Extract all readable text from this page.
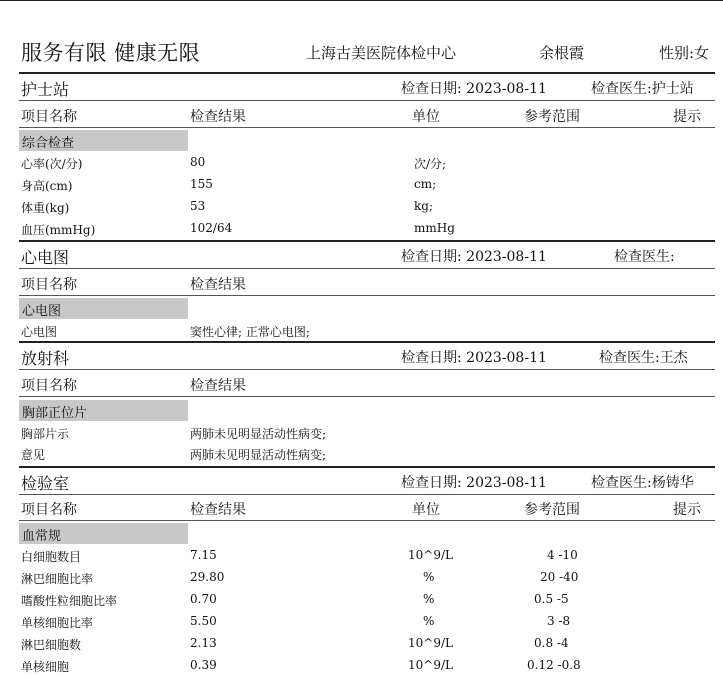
服务有限 健康无限	上海古美医院体检中心	余根霞	性别:女
护士站	检查日期: 2023-08-11	检查医生:护士站
项目名称	检查结果	单位	参考范围	提示
综合检查
心率(次/分)	80	次/分;
身高(cm)	155	cm;
体重(kg)	53	kg;
血压(mmHg)	102/64	mmHg
心电图	检查日期: 2023-08-11	检查医生:
项目名称	检查结果
心电图
心电图	窦性心律; 正常心电图;
放射科	检查日期: 2023-08-11	检查医生:王杰
项目名称	检查结果
胸部正位片
胸部片示	两肺未见明显活动性病变;
意见	两肺未见明显活动性病变;
检验室	检查日期: 2023-08-11	检查医生:杨铸华
项目名称	检查结果	单位	参考范围	提示
血常规
白细胞数目	7.15	10^9/L	4 -10
淋巴细胞比率	29.80	%	20 -40
嗜酸性粒细胞比率	0.70	%	0.5 -5
单核细胞比率	5.50	%	3 -8
淋巴细胞数	2.13	10^9/L	0.8 -4
单核细胞	0.39	10^9/L	0.12 -0.8
